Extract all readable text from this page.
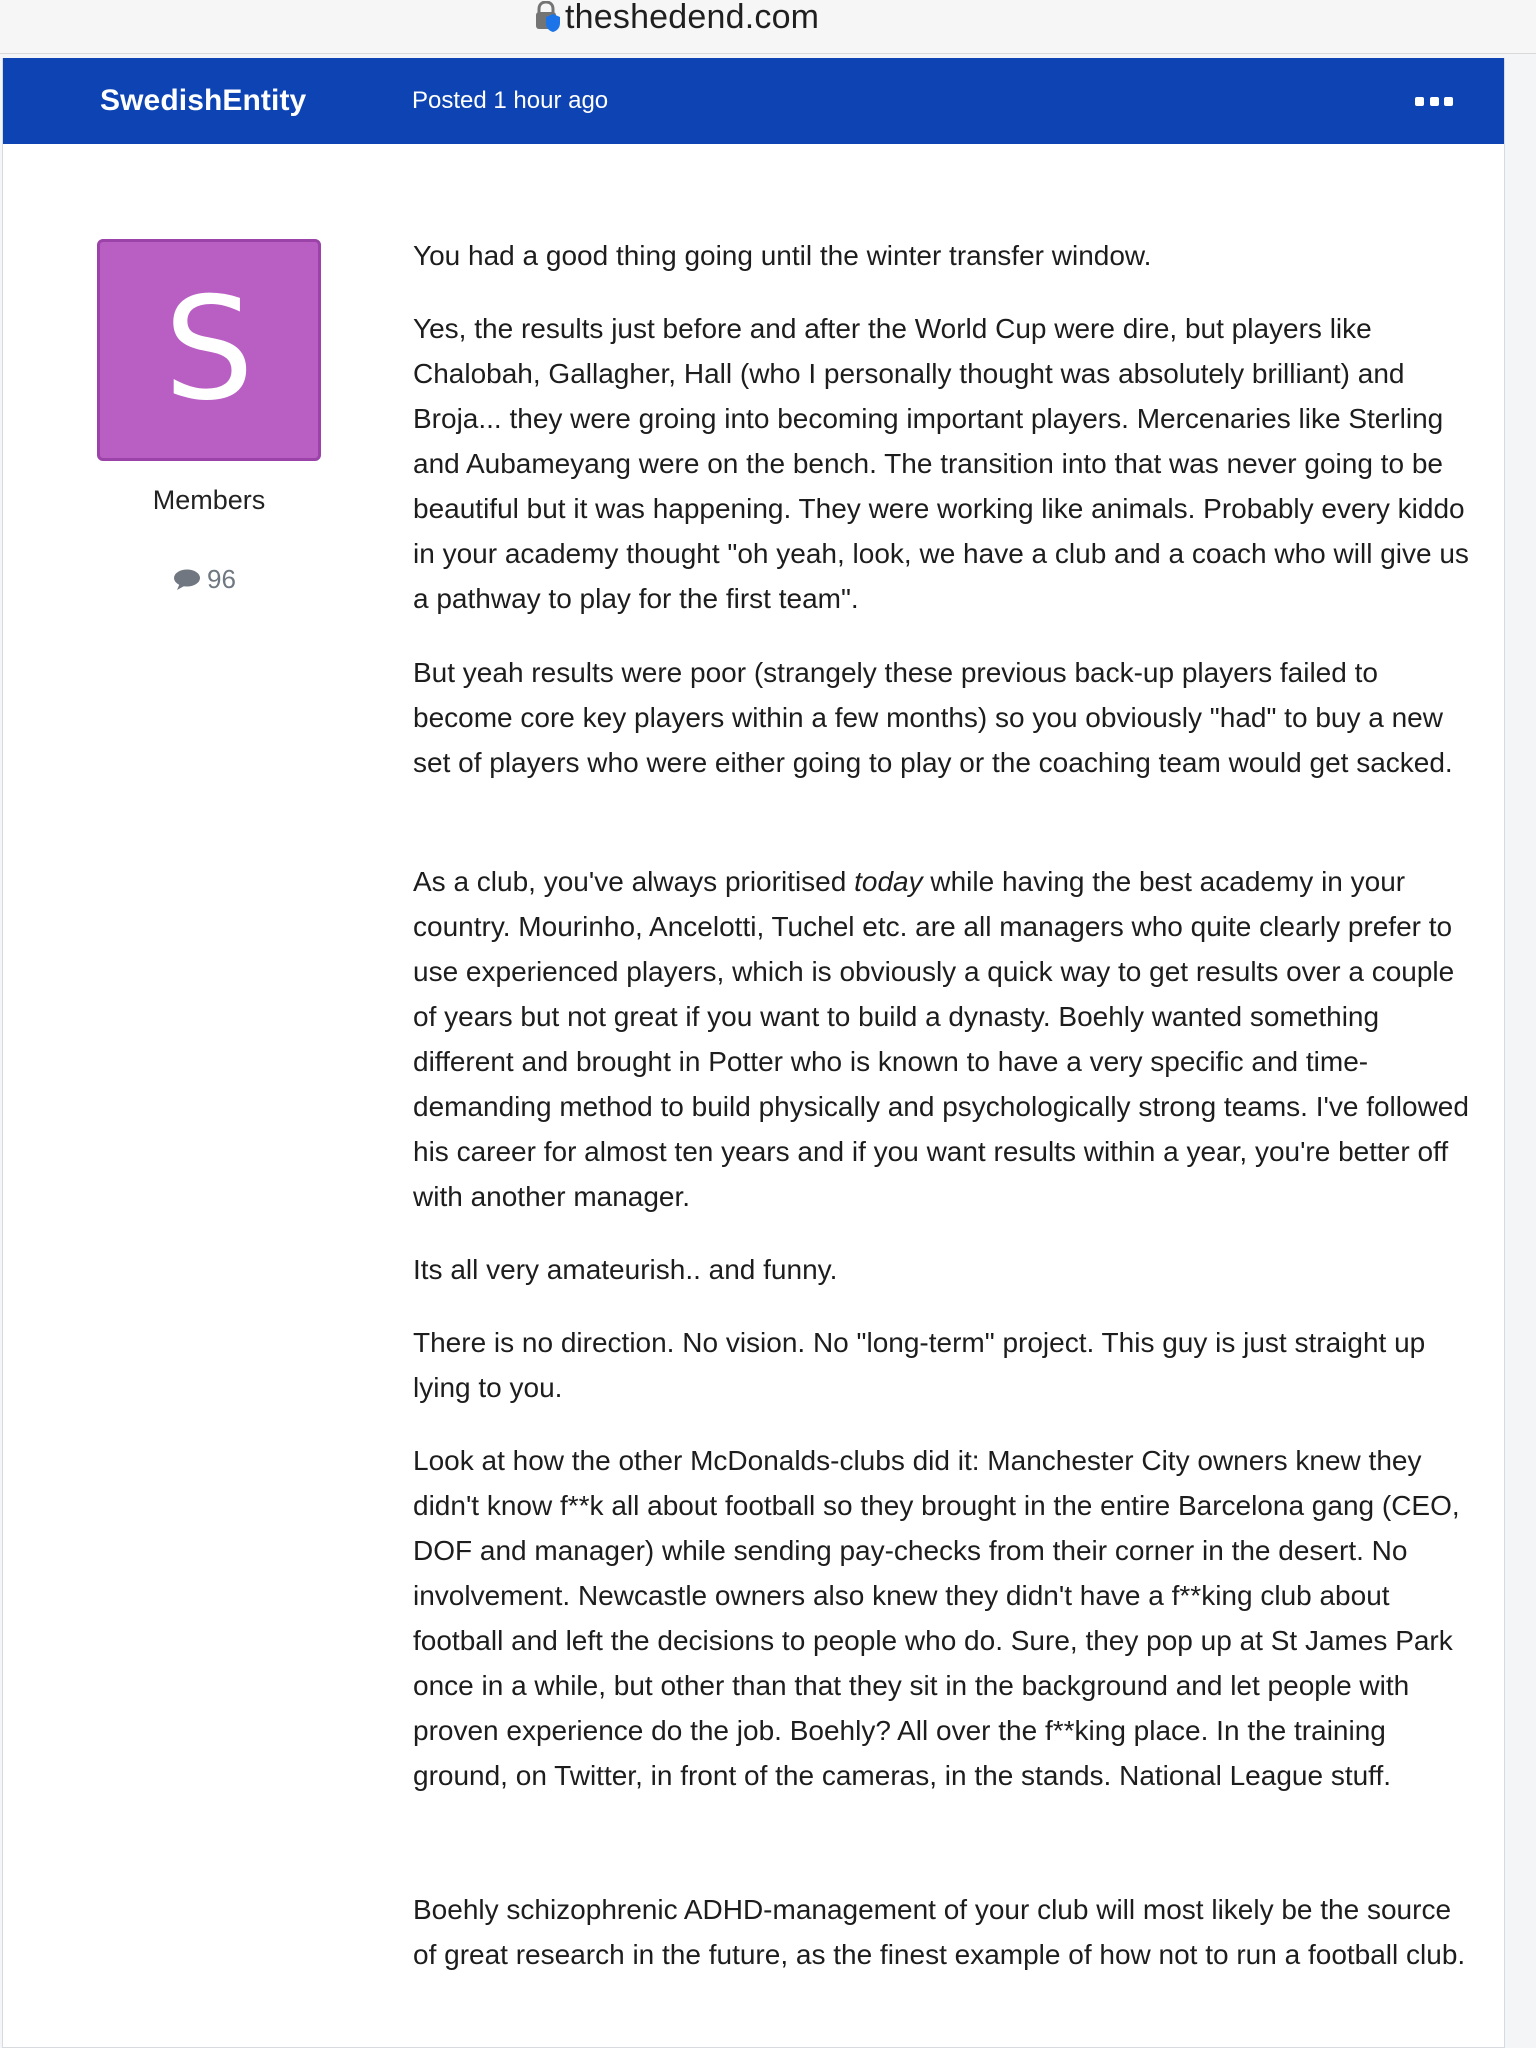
theshedend.com
SwedishEntity	Posted 1 hour ago
S
Members
96

You had a good thing going until the winter transfer window.

Yes, the results just before and after the World Cup were dire, but players like Chalobah, Gallagher, Hall (who I personally thought was absolutely brilliant) and Broja... they were groing into becoming important players. Mercenaries like Sterling and Aubameyang were on the bench. The transition into that was never going to be beautiful but it was happening. They were working like animals. Probably every kiddo in your academy thought "oh yeah, look, we have a club and a coach who will give us a pathway to play for the first team".

But yeah results were poor (strangely these previous back-up players failed to become core key players within a few months) so you obviously "had" to buy a new set of players who were either going to play or the coaching team would get sacked.

As a club, you've always prioritised today while having the best academy in your country. Mourinho, Ancelotti, Tuchel etc. are all managers who quite clearly prefer to use experienced players, which is obviously a quick way to get results over a couple of years but not great if you want to build a dynasty. Boehly wanted something different and brought in Potter who is known to have a very specific and time-demanding method to build physically and psychologically strong teams. I've followed his career for almost ten years and if you want results within a year, you're better off with another manager.

Its all very amateurish.. and funny.

There is no direction. No vision. No "long-term" project. This guy is just straight up lying to you.

Look at how the other McDonalds-clubs did it: Manchester City owners knew they didn't know f**k all about football so they brought in the entire Barcelona gang (CEO, DOF and manager) while sending pay-checks from their corner in the desert. No involvement. Newcastle owners also knew they didn't have a f**king club about football and left the decisions to people who do. Sure, they pop up at St James Park once in a while, but other than that they sit in the background and let people with proven experience do the job. Boehly? All over the f**king place. In the training ground, on Twitter, in front of the cameras, in the stands. National League stuff.

Boehly schizophrenic ADHD-management of your club will most likely be the source of great research in the future, as the finest example of how not to run a football club.
